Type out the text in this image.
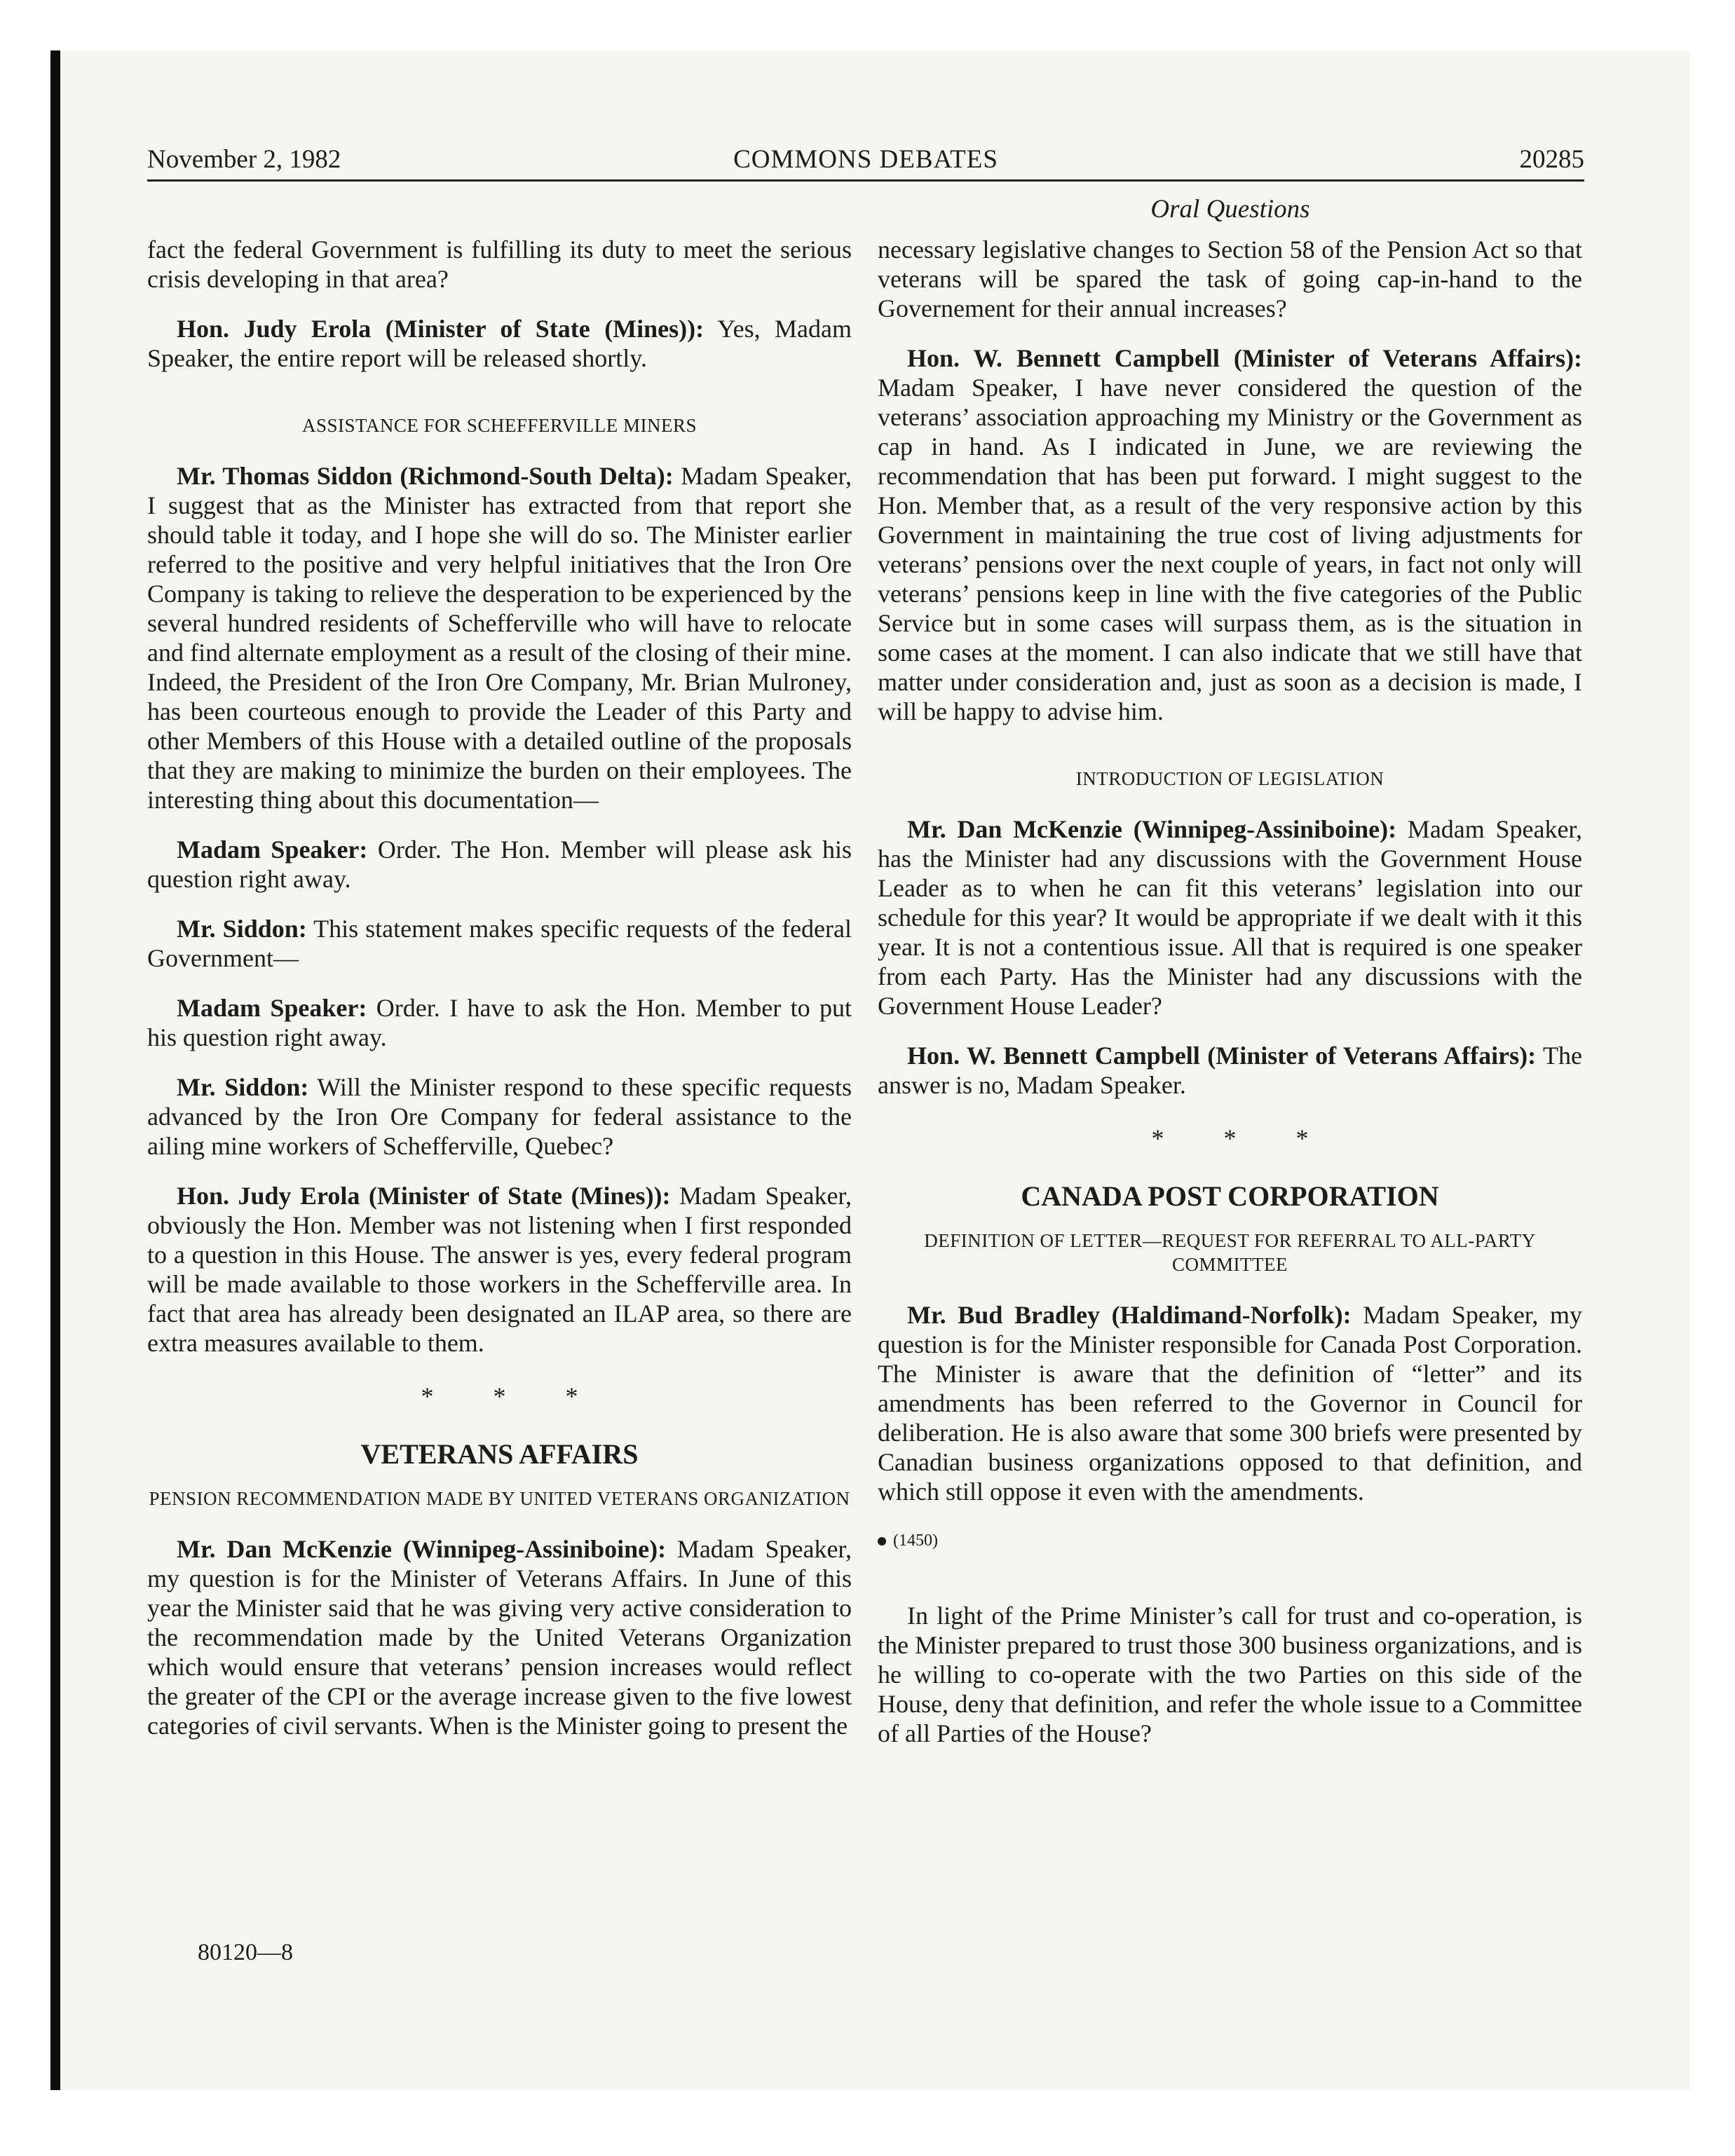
November 2, 1982	COMMONS DEBATES	20285
Oral Questions

fact the federal Government is fulfilling its duty to meet the serious crisis developing in that area?

Hon. Judy Erola (Minister of State (Mines)): Yes, Madam Speaker, the entire report will be released shortly.

ASSISTANCE FOR SCHEFFERVILLE MINERS

Mr. Thomas Siddon (Richmond-South Delta): Madam Speaker, I suggest that as the Minister has extracted from that report she should table it today, and I hope she will do so. The Minister earlier referred to the positive and very helpful initiatives that the Iron Ore Company is taking to relieve the desperation to be experienced by the several hundred residents of Schefferville who will have to relocate and find alternate employment as a result of the closing of their mine. Indeed, the President of the Iron Ore Company, Mr. Brian Mulroney, has been courteous enough to provide the Leader of this Party and other Members of this House with a detailed outline of the proposals that they are making to minimize the burden on their employees. The interesting thing about this documentation—

Madam Speaker: Order. The Hon. Member will please ask his question right away.

Mr. Siddon: This statement makes specific requests of the federal Government—

Madam Speaker: Order. I have to ask the Hon. Member to put his question right away.

Mr. Siddon: Will the Minister respond to these specific requests advanced by the Iron Ore Company for federal assistance to the ailing mine workers of Schefferville, Quebec?

Hon. Judy Erola (Minister of State (Mines)): Madam Speaker, obviously the Hon. Member was not listening when I first responded to a question in this House. The answer is yes, every federal program will be made available to those workers in the Schefferville area. In fact that area has already been designated an ILAP area, so there are extra measures available to them.

* * *
VETERANS AFFAIRS
PENSION RECOMMENDATION MADE BY UNITED VETERANS ORGANIZATION

Mr. Dan McKenzie (Winnipeg-Assiniboine): Madam Speaker, my question is for the Minister of Veterans Affairs. In June of this year the Minister said that he was giving very active consideration to the recommendation made by the United Veterans Organization which would ensure that veterans’ pension increases would reflect the greater of the CPI or the average increase given to the five lowest categories of civil servants. When is the Minister going to present the

necessary legislative changes to Section 58 of the Pension Act so that veterans will be spared the task of going cap-in-hand to the Governement for their annual increases?

Hon. W. Bennett Campbell (Minister of Veterans Affairs): Madam Speaker, I have never considered the question of the veterans’ association approaching my Ministry or the Government as cap in hand. As I indicated in June, we are reviewing the recommendation that has been put forward. I might suggest to the Hon. Member that, as a result of the very responsive action by this Government in maintaining the true cost of living adjustments for veterans’ pensions over the next couple of years, in fact not only will veterans’ pensions keep in line with the five categories of the Public Service but in some cases will surpass them, as is the situation in some cases at the moment. I can also indicate that we still have that matter under consideration and, just as soon as a decision is made, I will be happy to advise him.

INTRODUCTION OF LEGISLATION

Mr. Dan McKenzie (Winnipeg-Assiniboine): Madam Speaker, has the Minister had any discussions with the Government House Leader as to when he can fit this veterans’ legislation into our schedule for this year? It would be appropriate if we dealt with it this year. It is not a contentious issue. All that is required is one speaker from each Party. Has the Minister had any discussions with the Government House Leader?

Hon. W. Bennett Campbell (Minister of Veterans Affairs): The answer is no, Madam Speaker.

* * *
CANADA POST CORPORATION
DEFINITION OF LETTER—REQUEST FOR REFERRAL TO ALL-PARTY COMMITTEE

Mr. Bud Bradley (Haldimand-Norfolk): Madam Speaker, my question is for the Minister responsible for Canada Post Corporation. The Minister is aware that the definition of “letter” and its amendments has been referred to the Governor in Council for deliberation. He is also aware that some 300 briefs were presented by Canadian business organizations opposed to that definition, and which still oppose it even with the amendments.

(1450)

In light of the Prime Minister’s call for trust and co-operation, is the Minister prepared to trust those 300 business organizations, and is he willing to co-operate with the two Parties on this side of the House, deny that definition, and refer the whole issue to a Committee of all Parties of the House?

80120—8
